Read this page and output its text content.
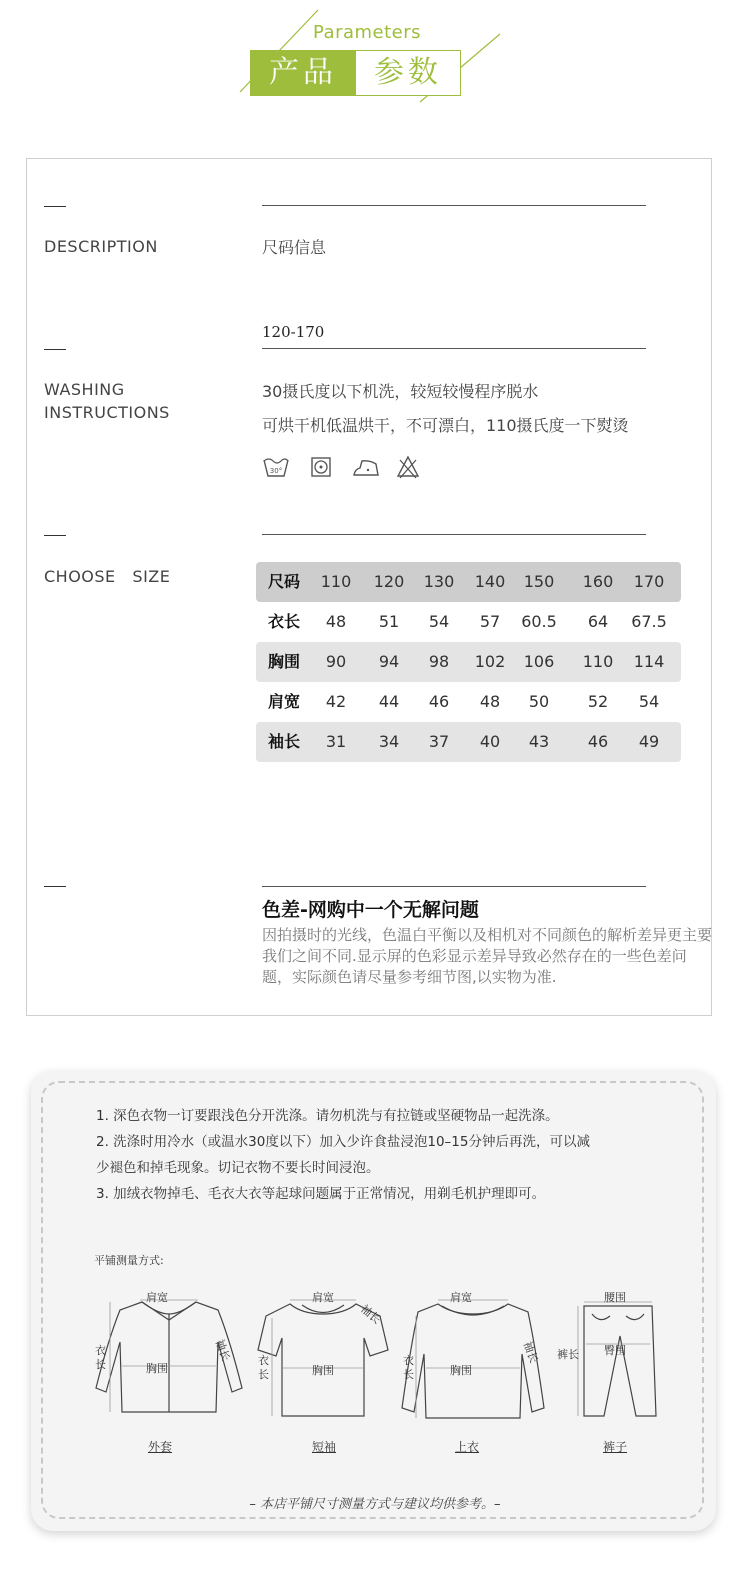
Parameters
产品	参数
DESCRIPTION	尺码信息
120-170
WASHING
INSTRUCTIONS
30摄氏度以下机洗，较短较慢程序脱水
可烘干机低温烘干，不可漂白，110摄氏度一下熨烫
30°
CHOOSE   SIZE	尺码 110 120 130 140 150 160 170
衣长 48 51 54 57 60.5 64 67.5
胸围 90 94 98 102 106 110 114
肩宽 42 44 46 48 50 52 54
袖长 31 34 37 40 43 46 49
色差-网购中一个无解问题
因拍摄时的光线，色温白平衡以及相机对不同颜色的解析差异更主要我们之间不同.显示屏的色彩显示差异导致必然存在的一些色差问题，实际颜色请尽量参考细节图,以实物为准.
1. 深色衣物一订要跟浅色分开洗涤。请勿机洗与有拉链或坚硬物品一起洗涤。
2. 洗涤时用冷水（或温水30度以下）加入少许食盐浸泡10–15分钟后再洗，可以减
少褪色和掉毛现象。切记衣物不要长时间浸泡。
3. 加绒衣物掉毛、毛衣大衣等起球问题属于正常情况，用剃毛机护理即可。
平铺测量方式:
肩宽
胸围
衣
长
袖长
肩宽
胸围
衣
长
袖长
肩宽
胸围
衣
长
袖长
腰围
臀围
裤长
外套	短袖	上衣	裤子
– 本店平铺尺寸测量方式与建议均供参考。–
